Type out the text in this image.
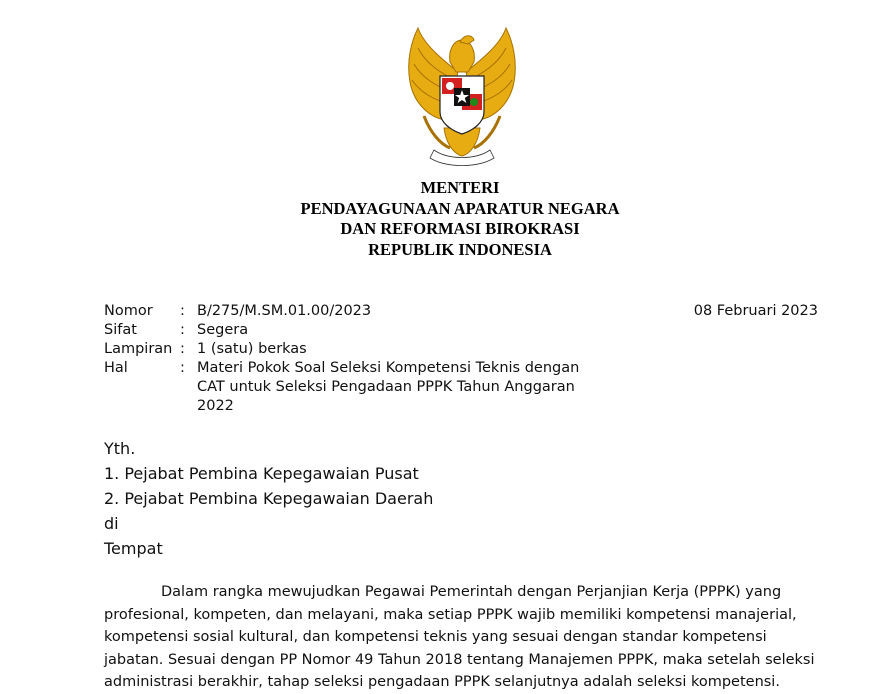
MENTERI
PENDAYAGUNAAN APARATUR NEGARA
DAN REFORMASI BIROKRASI
REPUBLIK INDONESIA
Nomor	: B/275/M.SM.01.00/2023
Sifat	: Segera
Lampiran : 1 (satu) berkas
Hal	: Materi Pokok Soal Seleksi Kompetensi Teknis dengan CAT untuk Seleksi Pengadaan PPPK Tahun Anggaran 2022
08 Februari 2023
Yth.
1. Pejabat Pembina Kepegawaian Pusat
2. Pejabat Pembina Kepegawaian Daerah
di
Tempat
Dalam rangka mewujudkan Pegawai Pemerintah dengan Perjanjian Kerja (PPPK) yang
profesional, kompeten, dan melayani, maka setiap PPPK wajib memiliki kompetensi manajerial,
kompetensi sosial kultural, dan kompetensi teknis yang sesuai dengan standar kompetensi
jabatan. Sesuai dengan PP Nomor 49 Tahun 2018 tentang Manajemen PPPK, maka setelah seleksi
administrasi berakhir, tahap seleksi pengadaan PPPK selanjutnya adalah seleksi kompetensi.
